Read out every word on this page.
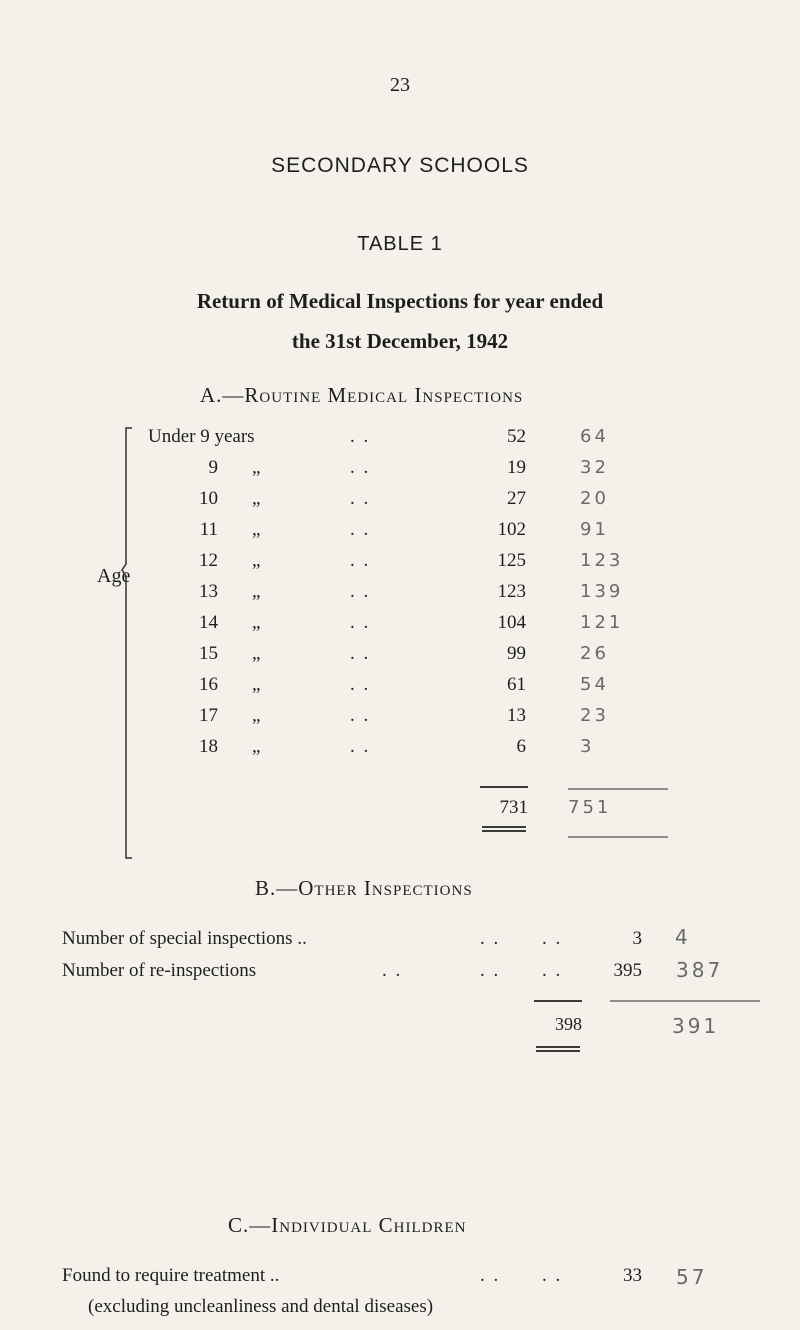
23
SECONDARY SCHOOLS
TABLE 1
Return of Medical Inspections for year ended
the 31st December, 1942
A.—Routine Medical Inspections
Age
Under 9 years	. .	52	64
9 „	. .	19	32
10 „	. .	27	20
11 „	. .	102	91
12 „	. .	125	123
13 „	. .	123	139
14 „	. .	104	121
15 „	. .	99	26
16 „	. .	61	54
17 „	. .	13	23
18 „	. .	6	3
731 751
B.—Other Inspections
Number of special inspections ..	. . . .	3 4
Number of re-inspections	. .	. . . .	395 387
398	391
C.—Individual Children
Found to require treatment ..	. . . .	33 57
(excluding uncleanliness and dental diseases)
